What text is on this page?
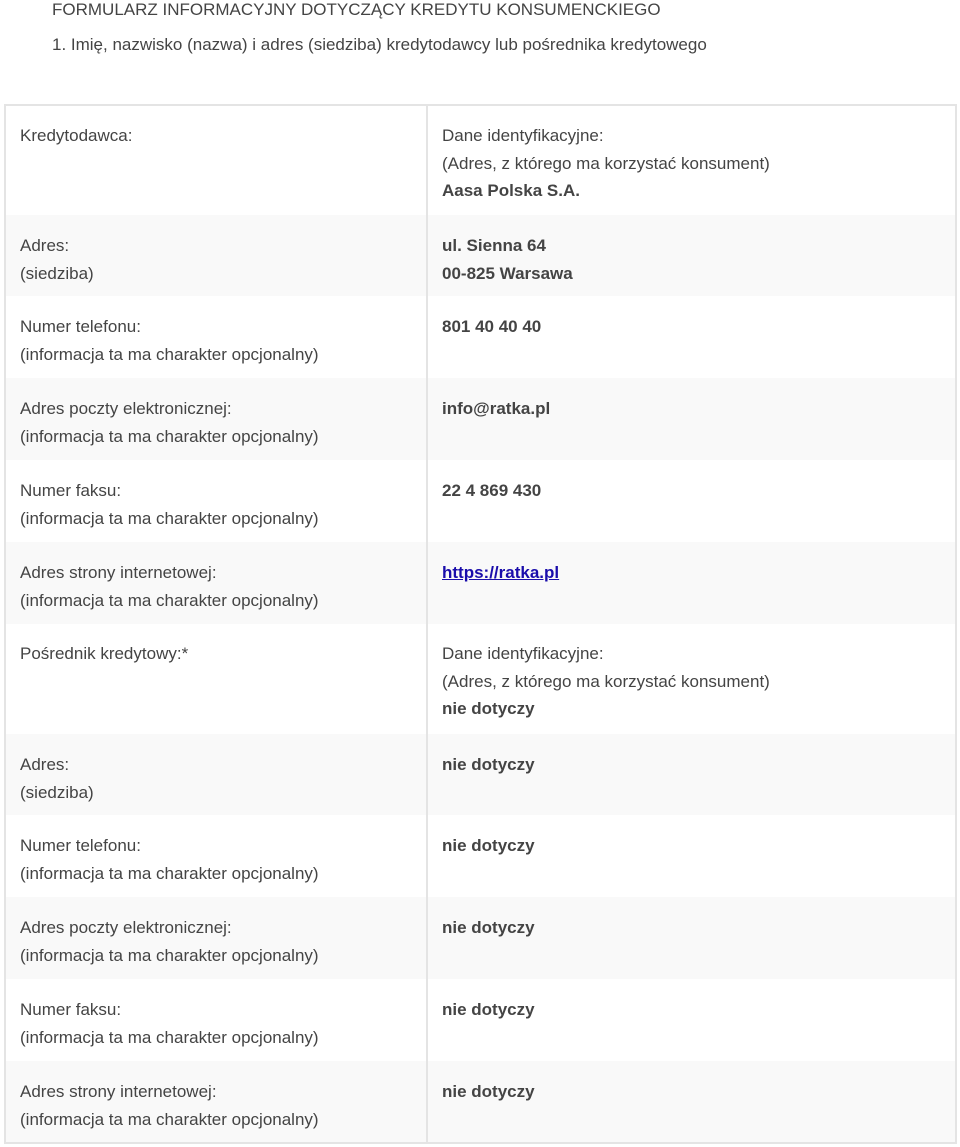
FORMULARZ INFORMACYJNY DOTYCZĄCY KREDYTU KONSUMENCKIEGO
1. Imię, nazwisko (nazwa) i adres (siedziba) kredytodawcy lub pośrednika kredytowego
Kredytodawca:	Dane identyfikacyjne:
(Adres, z którego ma korzystać konsument)
Aasa Polska S.A.

Adres:
(siedziba)	ul. Sienna 64
00-825 Warsawa

Numer telefonu:
(informacja ta ma charakter opcjonalny)	801 40 40 40

Adres poczty elektronicznej:
(informacja ta ma charakter opcjonalny)	info@ratka.pl

Numer faksu:
(informacja ta ma charakter opcjonalny)	22 4 869 430

Adres strony internetowej:
(informacja ta ma charakter opcjonalny)	https://ratka.pl

Pośrednik kredytowy:*	Dane identyfikacyjne:
(Adres, z którego ma korzystać konsument)
nie dotyczy

Adres:
(siedziba)	nie dotyczy

Numer telefonu:
(informacja ta ma charakter opcjonalny)	nie dotyczy

Adres poczty elektronicznej:
(informacja ta ma charakter opcjonalny)	nie dotyczy

Numer faksu:
(informacja ta ma charakter opcjonalny)	nie dotyczy

Adres strony internetowej:
(informacja ta ma charakter opcjonalny)	nie dotyczy
